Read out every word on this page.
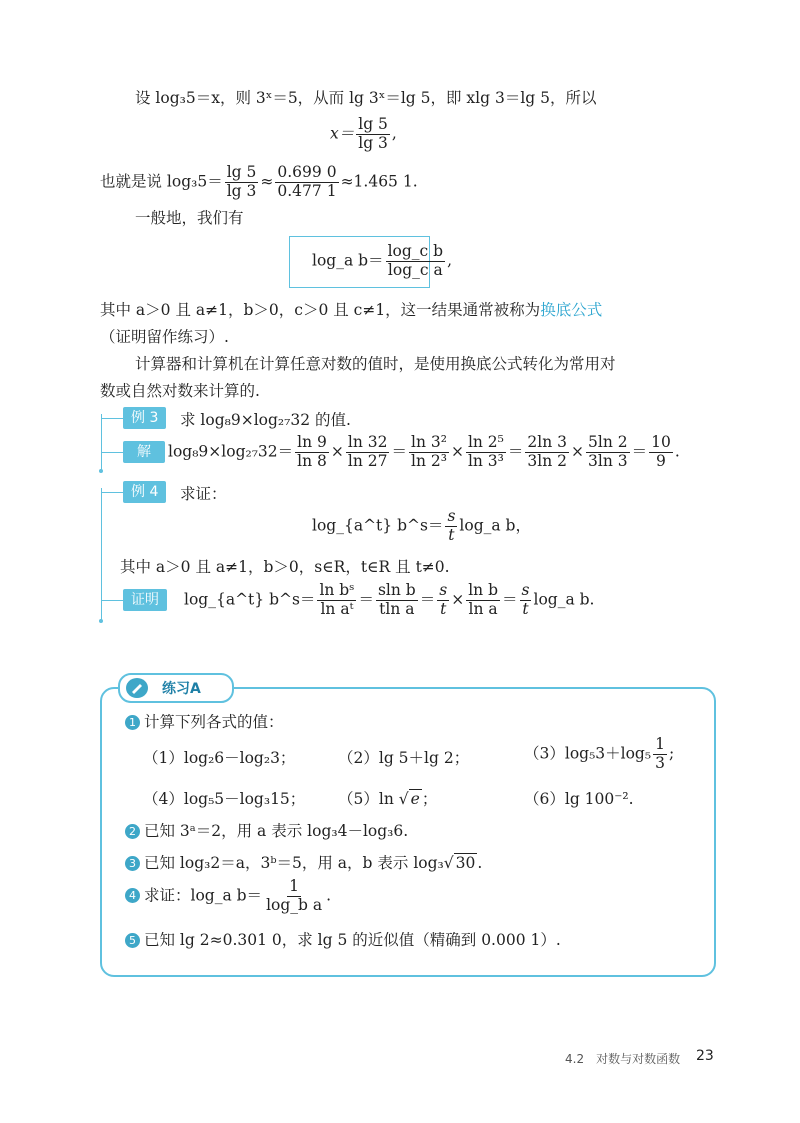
设 log₃5＝x，则 3ˣ＝5，从而 lg 3ˣ＝lg 5，即 xlg 3＝lg 5，所以
$x= \frac{\lg 5}{\lg 3}$ ,
也就是说 $\log_35= \frac{\lg 5}{\lg 3} \approx \frac{0.699 0}{0.477 1} \approx 1.465$ 1.
一般地，我们有
log_a $b= \frac{\text{log\_c b}}{\text{log\_c a}}$ ,
其中 a＞0 且 a≠1，b＞0，c＞0 且 c≠1，这一结果通常被称为换底公式
（证明留作练习）.
计算器和计算机在计算任意对数的值时，是使用换底公式转化为常用对
数或自然对数来计算的.
例 3	求 log₈9×log₂₇32 的值.
解	$\log_89\times\log_{27}32= \frac{\ln 9}{\ln 8} \times \frac{\ln 32}{\ln 27} = \frac{\text{ln 3²}}{\text{ln 2³}} \times \frac{\text{ln 2⁵}}{\text{ln 3³}} = \frac{2\ln 3}{3\ln 2} \times \frac{5\ln 2}{3\ln 3} = \frac{10}{9}$ .
例 4	求证：
log_{a^t} b^s＝ $\frac{s}{t}$ log_a b，
其中 a＞0 且 a≠1，b＞0，s∈R，t∈R 且 t≠0.
证明	log_{a^t} b^s＝ $\frac{\text{ln bˢ}}{\text{ln aᵗ}} = \frac{\text{sln b}}{\text{tln a}} = \frac{s}{t} \times \frac{\text{ln b}}{\text{ln a}} = \frac{s}{t}$ log_a b.
练习A
1 计算下列各式的值：
（1）log₂6－log₂3；	（2）lg 5＋lg 2；	$(3)\log_53+\log_5 \frac{1}{3}$ ;
（4）log₅5－log₃15； （5）ln √ e ；	（6）lg 100⁻².
2 已知 3ᵃ＝2，用 a 表示 log₃4－log₃6.
3 已知 log₃2＝a，3ᵇ＝5，用 a，b 表示 log₃√ 30 .
4 求证：log_a $b= \frac{1}{\text{log\_b a}}$ .
5 已知 lg 2≈0.301 0，求 lg 5 的近似值（精确到 0.000 1）.
4.2　对数与对数函数 23
